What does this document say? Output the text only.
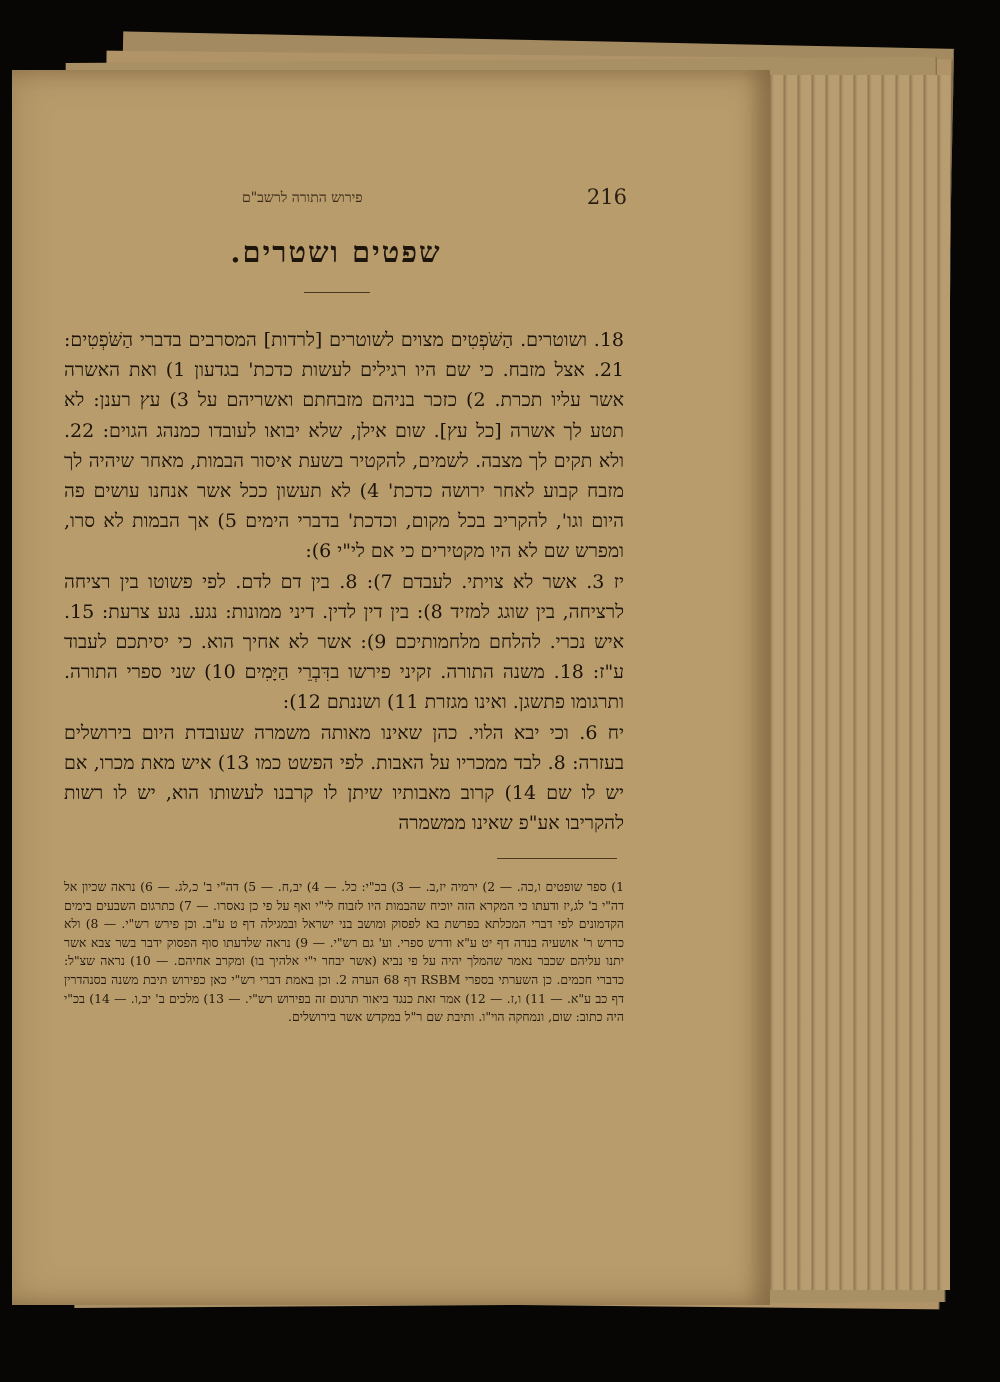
216
פירוש התורה לרשב"ם
שפטים ושטרים.

18. ושוטרים. הַשֹּׁפְטִים מצוים לשוטרים [לרדות] המסרבים בדברי הַשֹּׁפְטִים: 21. אצל מזבח. כי שם היו רגילים לעשות כדכת' בגדעון 1) ואת האשרה אשר עליו תכרת. 2) כזכר בניהם מזבחתם ואשריהם על 3) עץ רענן: לא תטע לך אשרה [כל עץ]. שום אילן, שלא יבואו לעובדו כמנהג הגוים: 22. ולא תקים לך מצבה. לשמים, להקטיר בשעת איסור הבמות, מאחר שיהיה לך מזבח קבוע לאחר ירושה כדכת' 4) לא תעשון ככל אשר אנחנו עושים פה היום וגו', להקריב בכל מקום, וכדכת' בדברי הימים 5) אך הבמות לא סרו, ומפרש שם לא היו מקטירים כי אם לי"י 6):

יז 3. אשר לא צויתי. לעבדם 7): 8. בין דם לדם. לפי פשוטו בין רציחה לרציחה, בין שוגג למזיד 8): בין דין לדין. דיני ממונות: נגע. נגע צרעת: 15. איש נכרי. להלחם מלחמותיכם 9): אשר לא אחיך הוא. כי יסיתכם לעבוד ע"ז: 18. משנה התורה. זקיני פירשו בדִּבְרֵי הַיָּמִים 10) שני ספרי התורה. ותרגומו פתשגן. ואינו מגזרת 11) ושננתם 12):

יח 6. וכי יבא הלוי. כהן שאינו מאותה משמרה שעובדת היום בירושלים בעזרה: 8. לבד ממכריו על האבות. לפי הפשט כמו 13) איש מאת מכרו, אם יש לו שם 14) קרוב מאבותיו שיתן לו קרבנו לעשותו הוא, יש לו רשות להקריבו אע"פ שאינו ממשמרה

1) ספר שופטים ו,כה. — 2) ירמיה יז,ב. — 3) בכ"י: כל. — 4) יב,ח. — 5) דה"י ב' כ,לג. — 6) נראה שכיון אל דה"י ב' לג,יז ודעתו כי המקרא הזה יוכיח שהבמות היו לזבוח לי"י ואף על פי כן נאסרו. — 7) כתרגום השבעים בימים הקדמונים לפי דברי המכלתא בפרשת בא לפסוק ומושב בני ישראל ובמגילה דף ט ע"ב. וכן פירש רש"י. — 8) ולא כדרש ר' אושעיה בנדה דף יט ע"א ודרש ספרי. וע' גם רש"י. — 9) נראה שלדעתו סוף הפסוק ידבר בשר צבא אשר יתנו עליהם שכבר נאמר שהמלך יהיה על פי נביא (אשר יבחר י"י אלהיך בו) ומקרב אחיהם. — 10) נראה שצ"ל: כדברי חכמים. כן השערתי בספרי RSBM דף 68 הערה 2. וכן באמת דברי רש"י כאן כפירוש תיבת משנה בסנהדרין דף כב ע"א. — 11) ו,ז. — 12) אמר זאת כנגד ביאור תרגום זה בפירוש רש"י. — 13) מלכים ב' יב,ו. — 14) בכ"י היה כתוב: שום, ונמחקה הוי"ו. ותיבת שם ר"ל במקדש אשר בירושלים.
